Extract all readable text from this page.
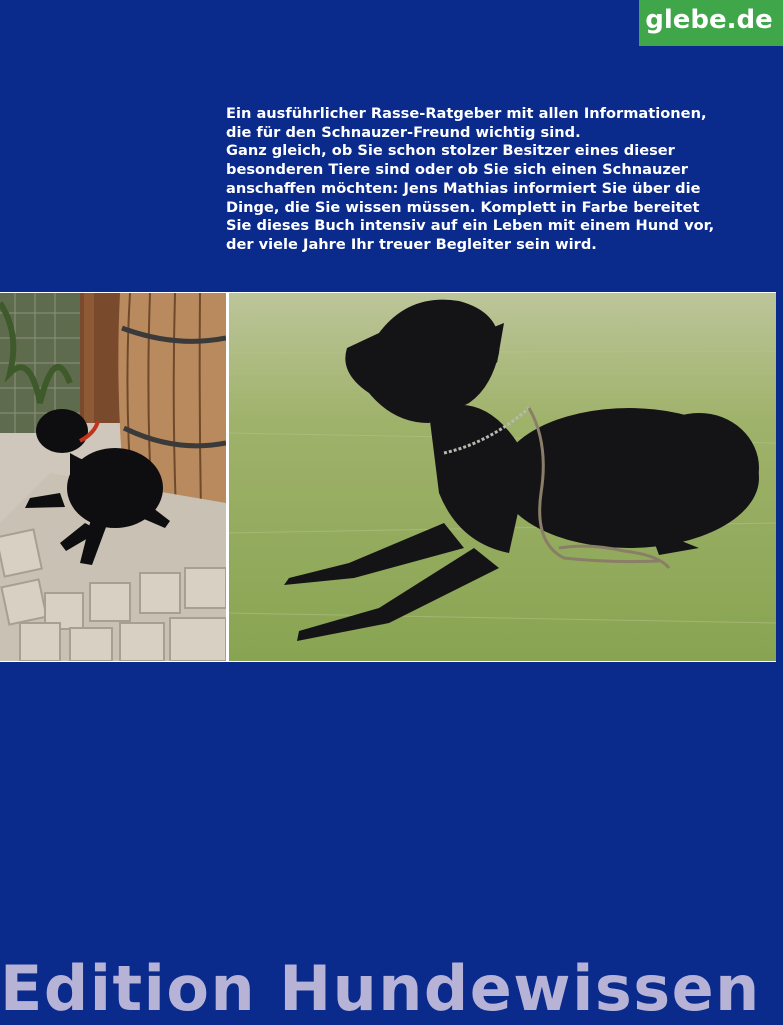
glebe.de

Ein ausführlicher Rasse-Ratgeber mit allen Informationen,

die für den Schnauzer-Freund wichtig sind.

Ganz gleich, ob Sie schon stolzer Besitzer eines dieser

besonderen Tiere sind oder ob Sie sich einen Schnauzer

anschaffen möchten: Jens Mathias informiert Sie über die

Dinge, die Sie wissen müssen. Komplett in Farbe bereitet

Sie dieses Buch intensiv auf ein Leben mit einem Hund vor,

der viele Jahre Ihr treuer Begleiter sein wird.

Edition Hundewissen
